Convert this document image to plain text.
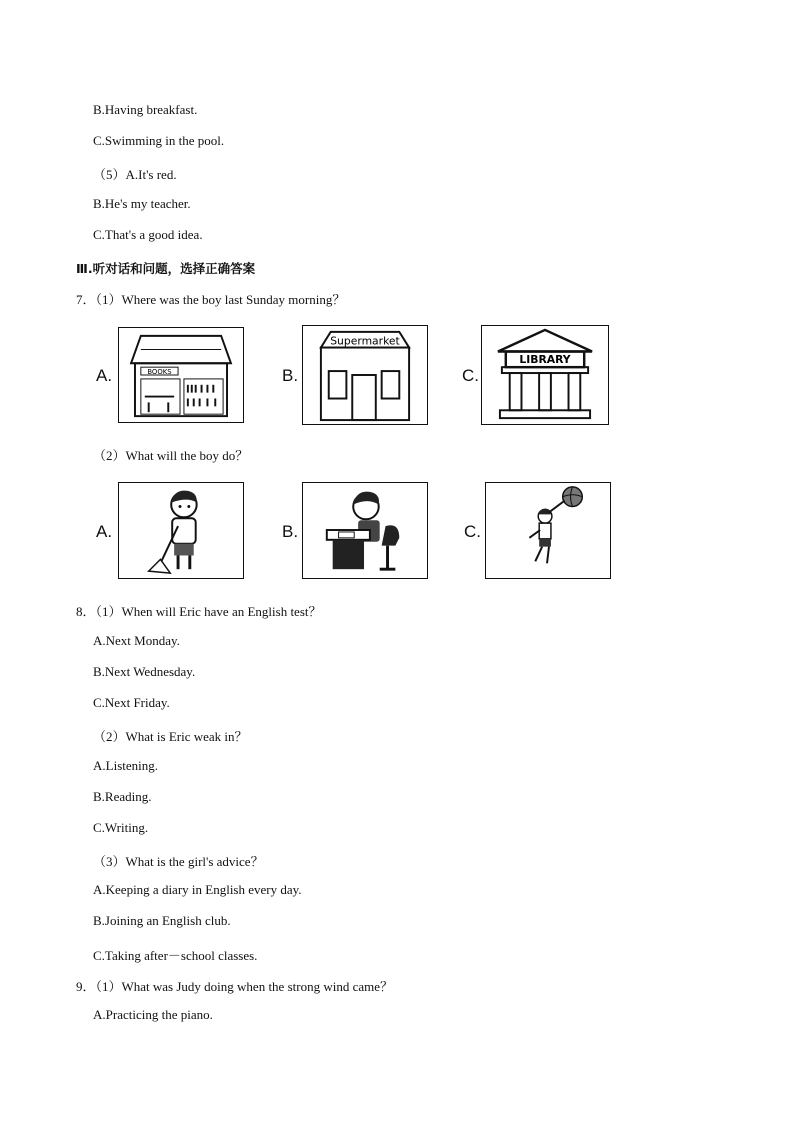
B.Having breakfast.
C.Swimming in the pool.
（5）A.It's red.
B.He's my teacher.
C.That's a good idea.
Ⅲ.听对话和问题，选择正确答案
7．（1）Where was the boy last Sunday morning？
A.	BOOKS	B.
Supermarket
C.
LIBRARY
（2）What will the boy do？
A.	B.	C.
8．（1）When will Eric have an English test？
A.Next Monday.
B.Next Wednesday.
C.Next Friday.
（2）What is Eric weak in？
A.Listening.
B.Reading.
C.Writing.
（3）What is the girl's advice？
A.Keeping a diary in English every day.
B.Joining an English club.
C.Taking after－school classes.
9．（1）What was Judy doing when the strong wind came？
A.Practicing the piano.
